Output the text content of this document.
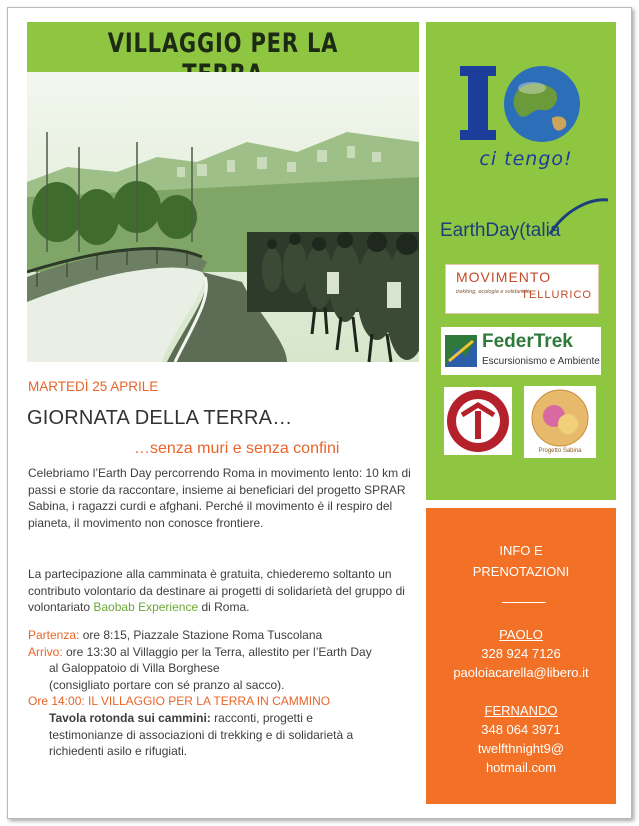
VILLAGGIO PER LA
ci tengo!
EarthDay(talia
MOVIMENTO
trekking, ecologia e solidarietà
TELLURICO
FederTrek
Escursionismo e Ambiente
Progetto Sabina
INFO E
PRENOTAZIONI
PAOLO
328 924 7126
paoloiacarella@libero.it
FERNANDO
348 064 3971
twelfthnight9@
hotmail.com
MARTEDÌ 25 APRILE
GIORNATA DELLA TERRA…
…senza muri e senza confini
Celebriamo l’Earth Day percorrendo Roma in movimento lento: 10 km di passi e storie da raccontare, insieme ai beneficiari del progetto SPRAR Sabina, i ragazzi curdi e afghani. Perché il movimento è il respiro del pianeta, il movimento non conosce frontiere.
La partecipazione alla camminata è gratuita, chiederemo soltanto un contributo volontario da destinare ai progetti di solidarietà del gruppo di volontariato Baobab Experience di Roma.
Partenza: ore 8:15, Piazzale Stazione Roma Tuscolana
Arrivo: ore 13:30 al Villaggio per la Terra, allestito per l’Earth Day
al Galoppatoio di Villa Borghese
(consigliato portare con sé pranzo al sacco).
Ore 14:00: IL VILLAGGIO PER LA TERRA IN CAMMINO
Tavola rotonda sui cammini: racconti, progetti e
testimonianze di associazioni di trekking e di solidarietà a
richiedenti asilo e rifugiati.
